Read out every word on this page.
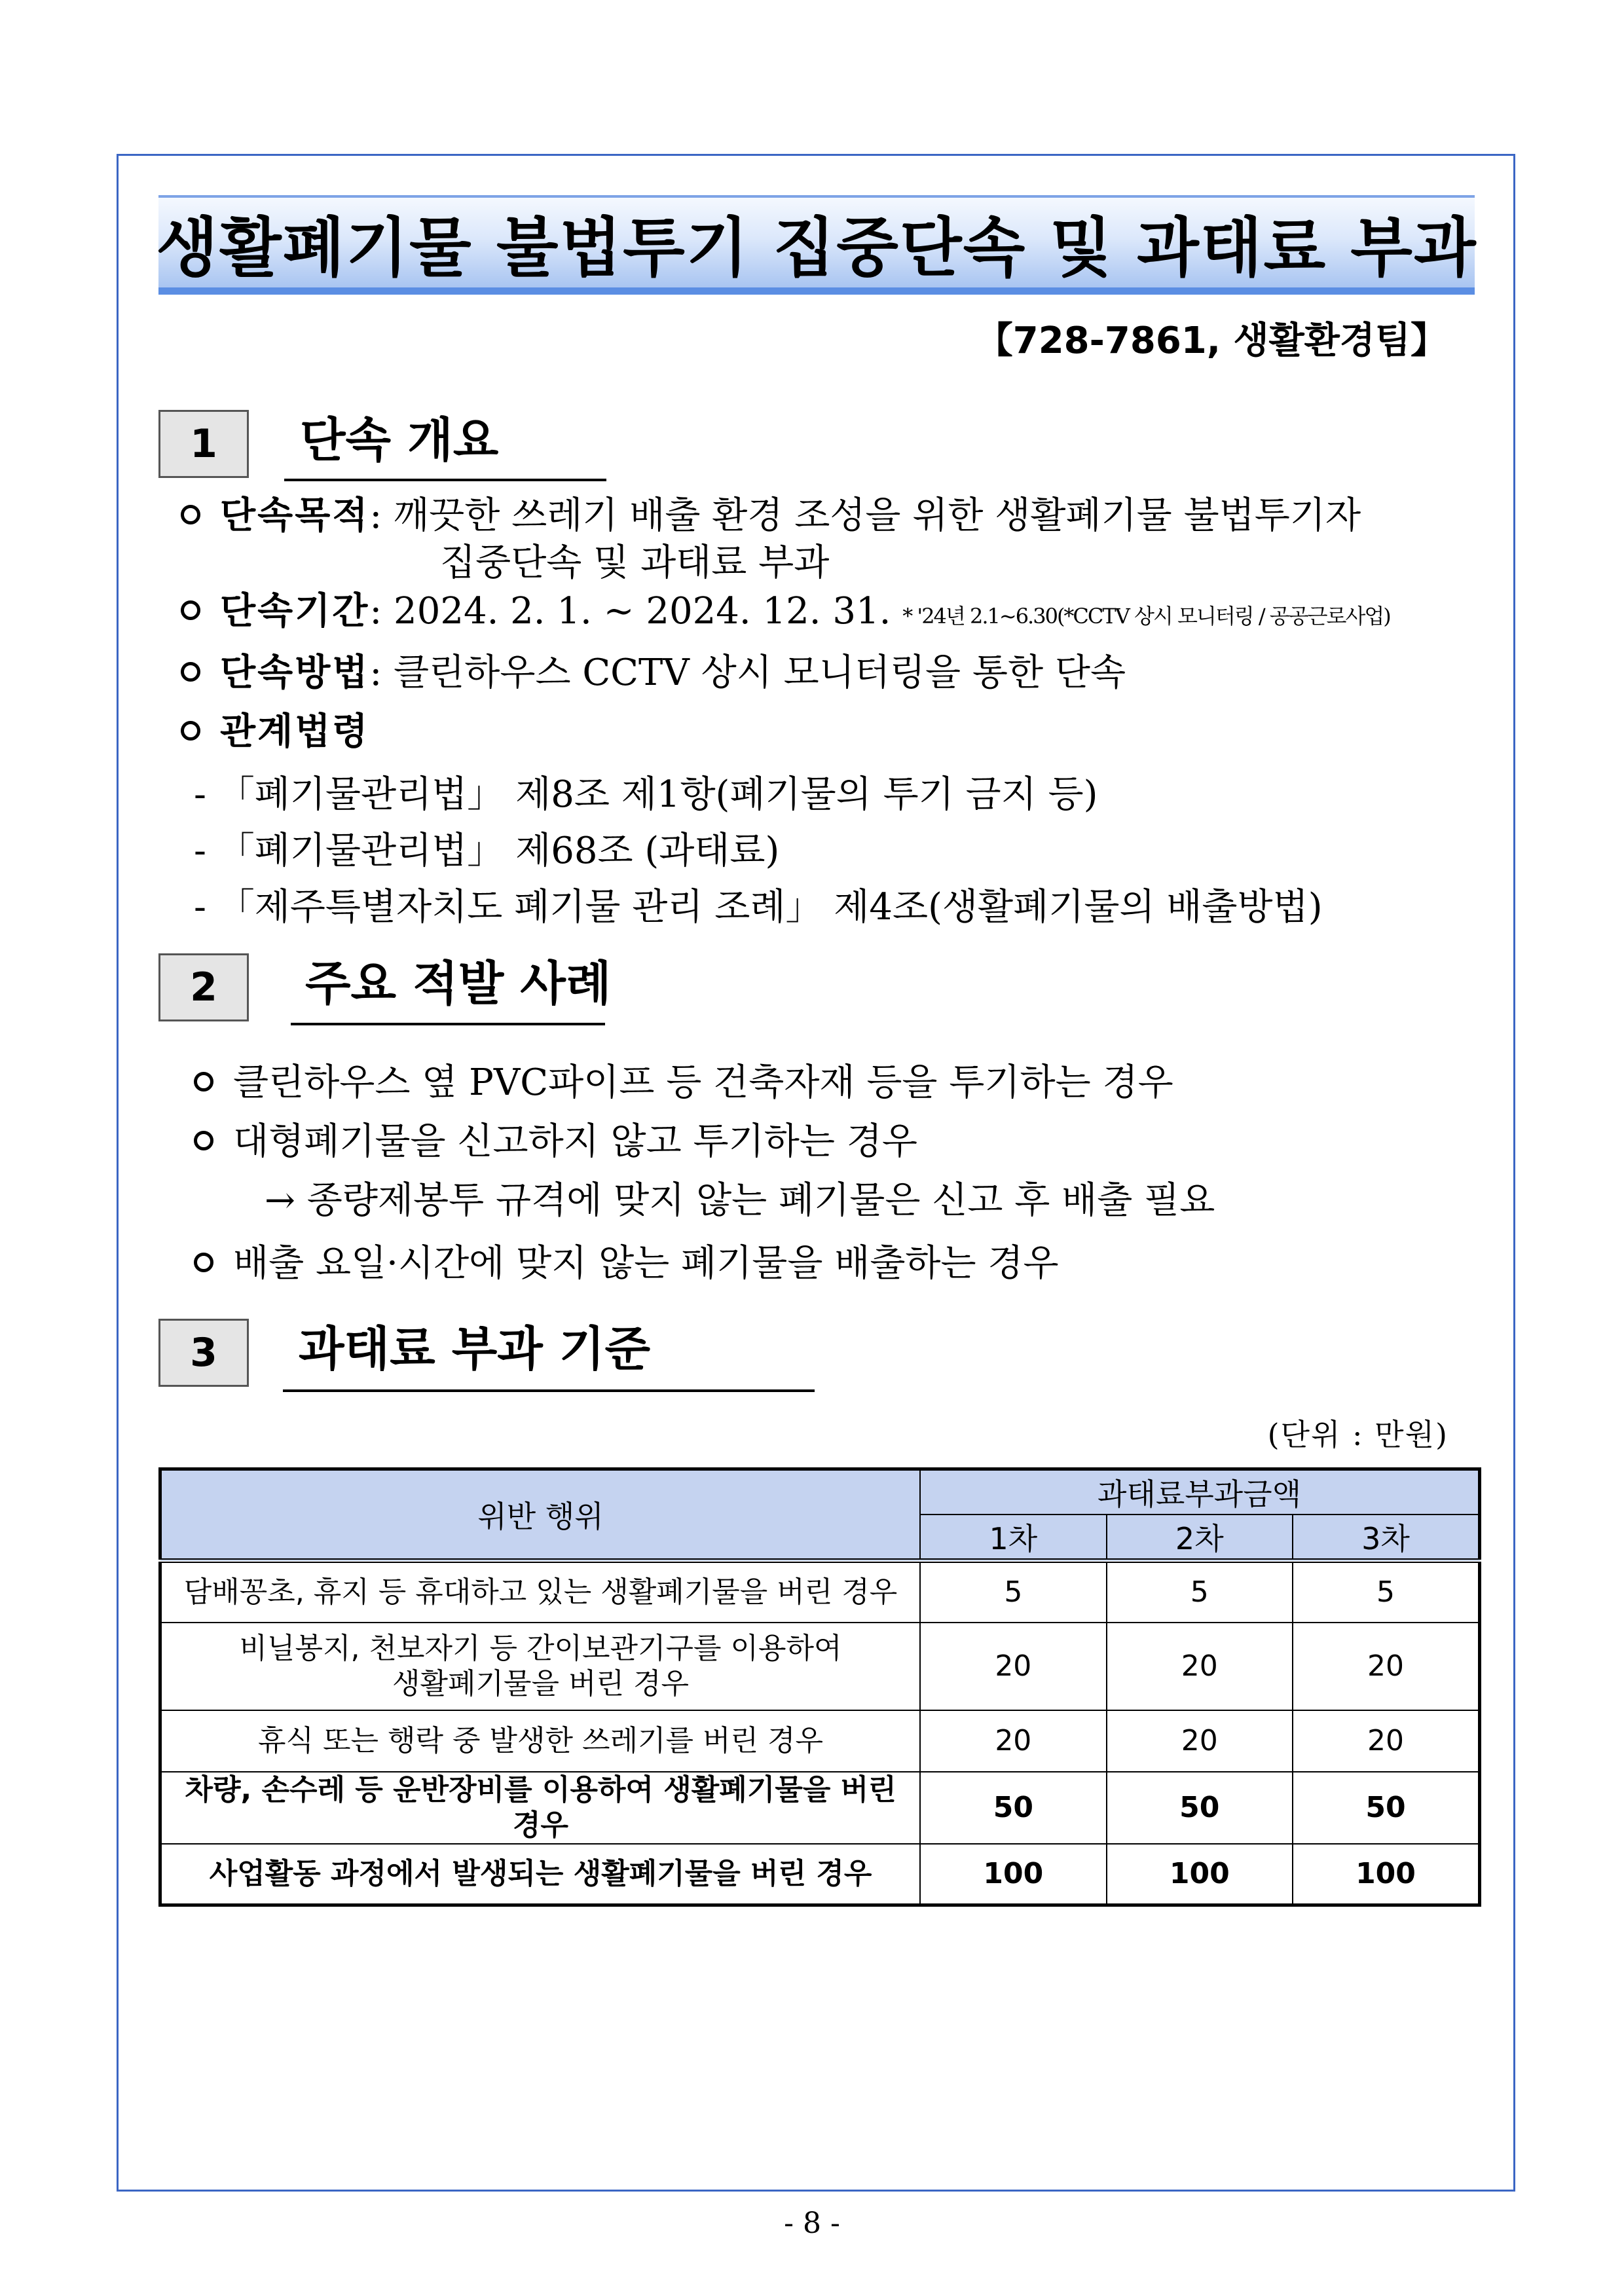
생활폐기물 불법투기 집중단속 및 과태료 부과
【728-7861, 생활환경팀】
1	단속 개요
단속목적: 깨끗한 쓰레기 배출 환경 조성을 위한 생활폐기물 불법투기자
집중단속 및 과태료 부과
단속기간: 2024. 2. 1. ~ 2024. 12. 31. * '24년 2.1~6.30(*CCTV 상시 모니터링 / 공공근로사업)
단속방법: 클린하우스 CCTV 상시 모니터링을 통한 단속
관계법령
- 「폐기물관리법」 제8조 제1항(폐기물의 투기 금지 등)
- 「폐기물관리법」 제68조 (과태료)
- 「제주특별자치도 폐기물 관리 조례」 제4조(생활폐기물의 배출방법)
2	주요 적발 사례
클린하우스 옆 PVC파이프 등 건축자재 등을 투기하는 경우
대형폐기물을 신고하지 않고 투기하는 경우
→ 종량제봉투 규격에 맞지 않는 폐기물은 신고 후 배출 필요
배출 요일·시간에 맞지 않는 폐기물을 배출하는 경우
3	과태료 부과 기준
(단위 : 만원)
위반 행위	과태료부과금액		
	1차	2차	3차
담배꽁초, 휴지 등 휴대하고 있는 생활폐기물을 버린 경우	5	5	5

비닐봉지, 천보자기 등 간이보관기구를 이용하여
생활폐기물을 버린 경우	20	20	20
휴식 또는 행락 중 발생한 쓰레기를 버린 경우	20	20	20
차량, 손수레 등 운반장비를 이용하여 생활폐기물을 버린 경우	50	50	50
사업활동 과정에서 발생되는 생활폐기물을 버린 경우	100	100	100
- 8 -
